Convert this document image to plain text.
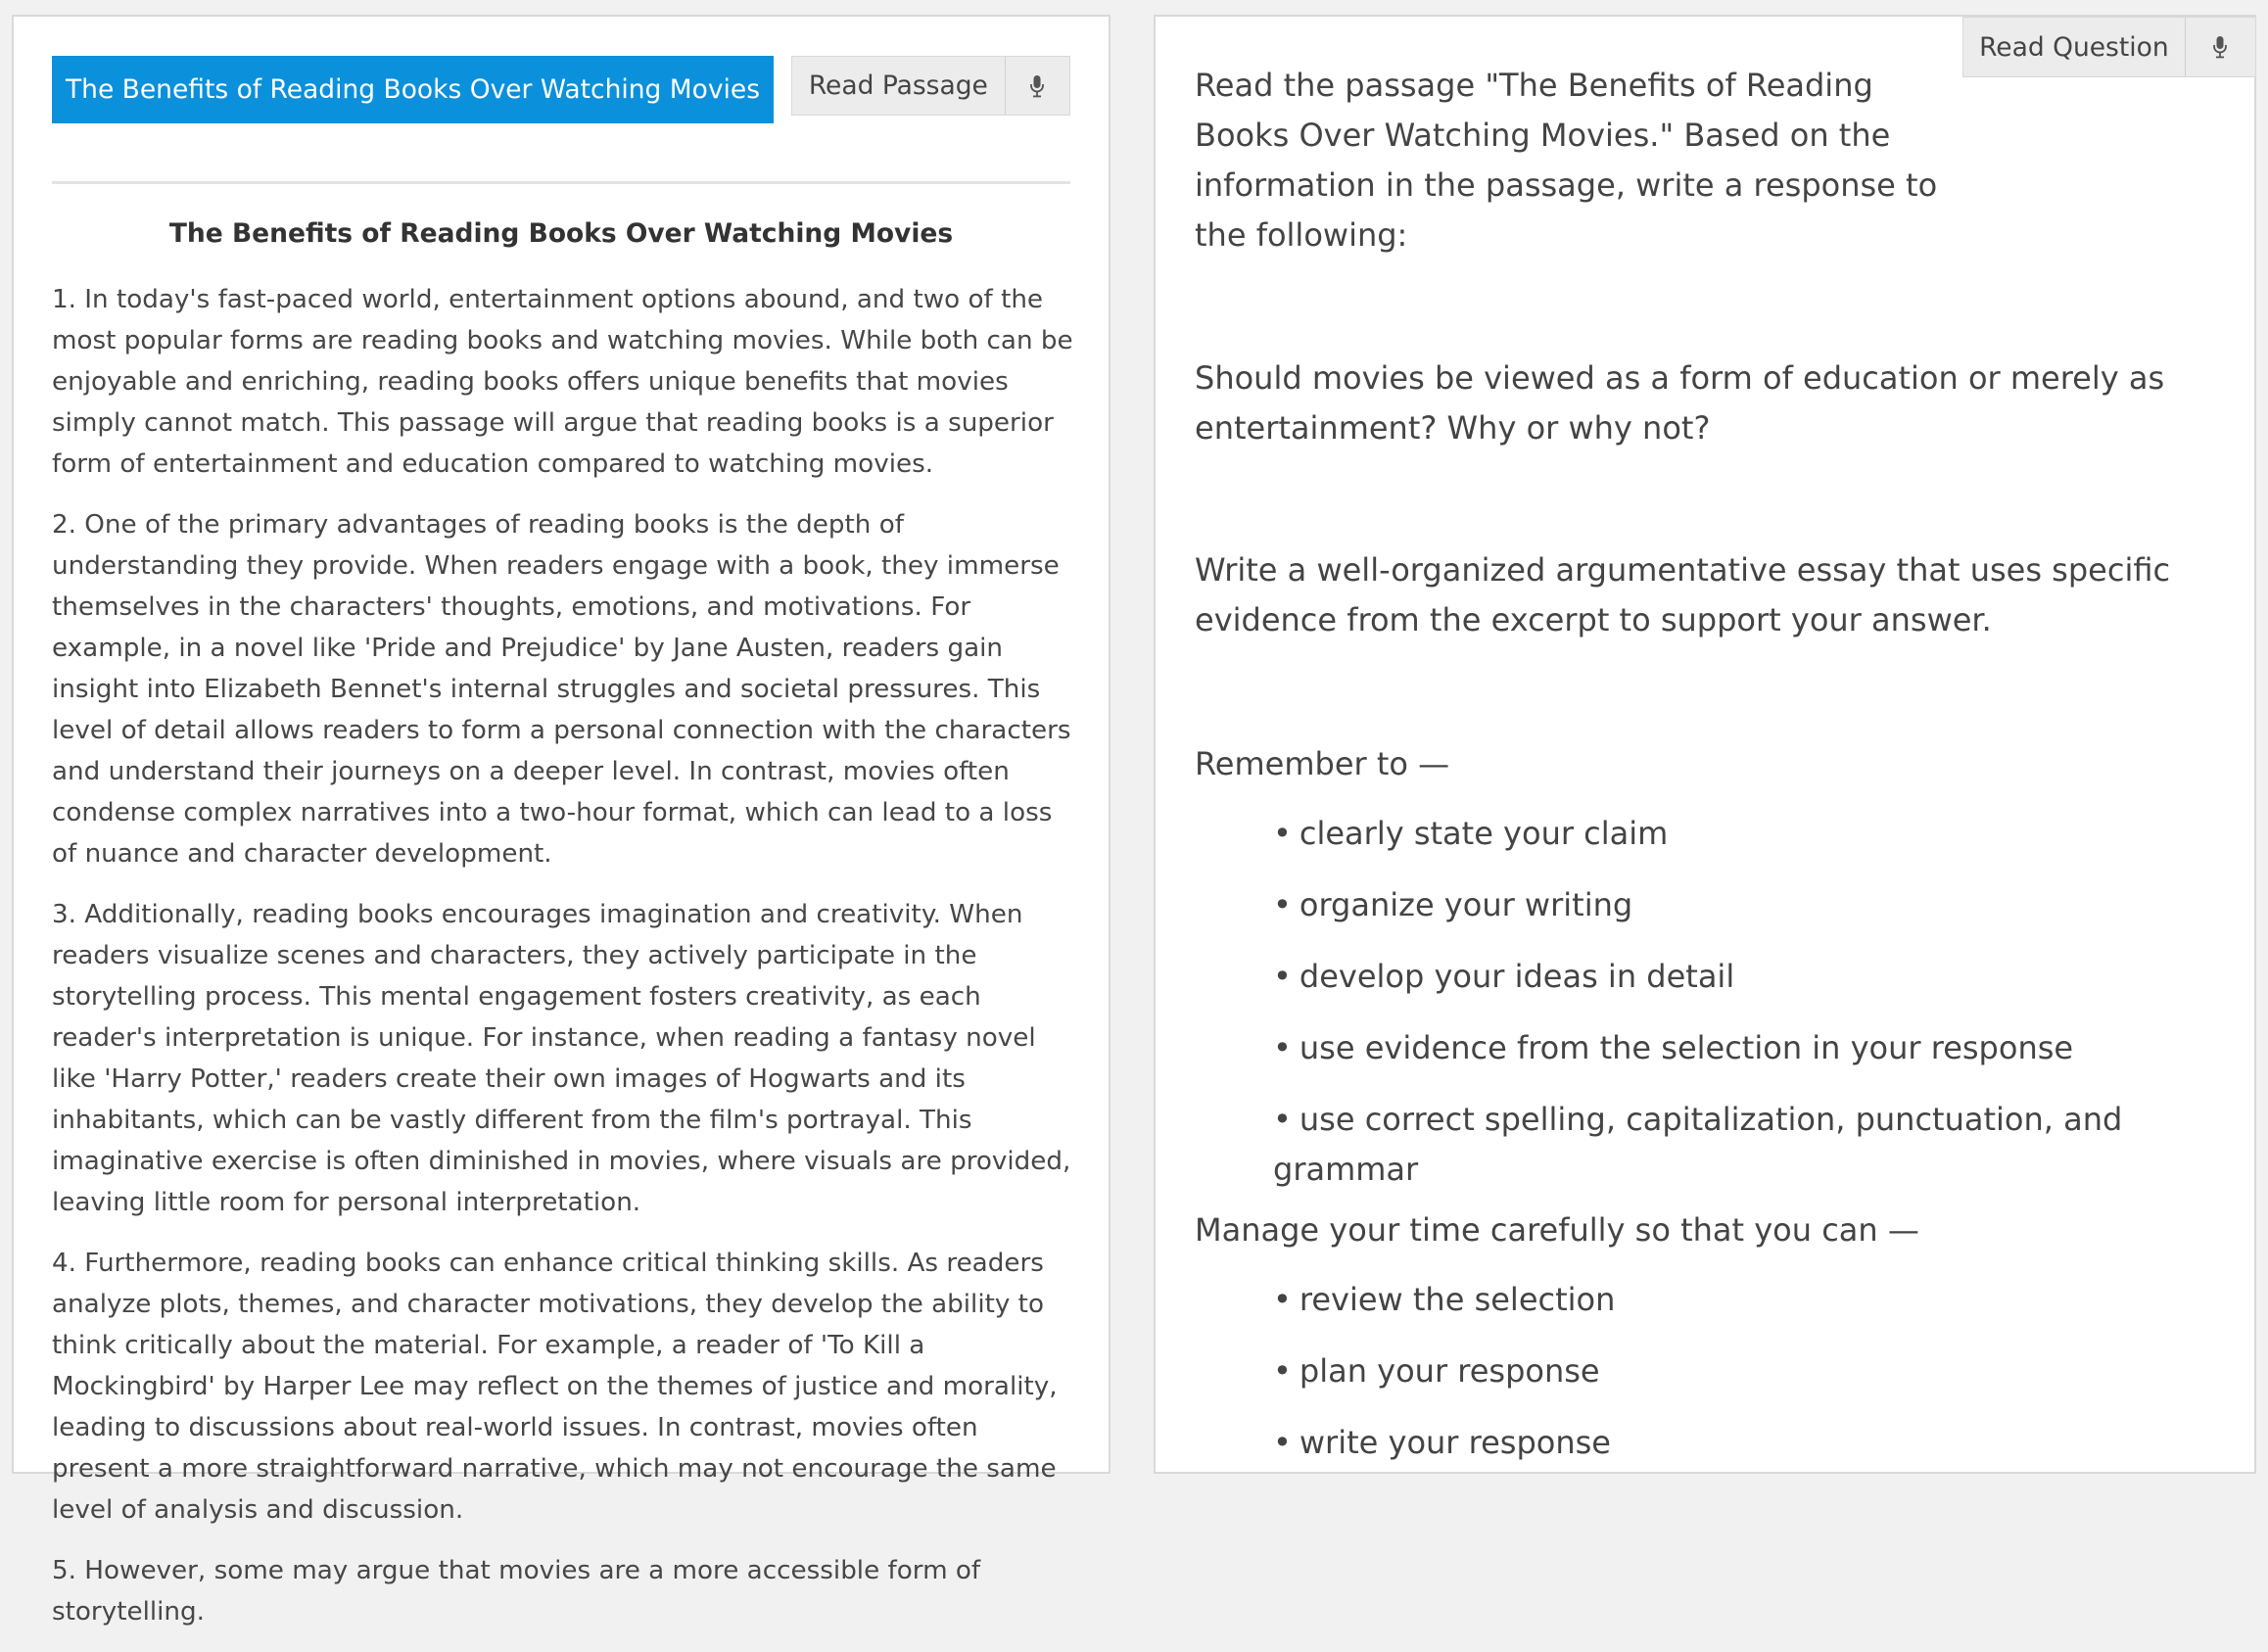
The Benefits of Reading Books Over Watching Movies	Read Passage
The Benefits of Reading Books Over Watching Movies

1. In today's fast-paced world, entertainment options abound, and two of the most popular forms are reading books and watching movies. While both can be enjoyable and enriching, reading books offers unique benefits that movies simply cannot match. This passage will argue that reading books is a superior form of entertainment and education compared to watching movies.

2. One of the primary advantages of reading books is the depth of understanding they provide. When readers engage with a book, they immerse themselves in the characters' thoughts, emotions, and motivations. For example, in a novel like 'Pride and Prejudice' by Jane Austen, readers gain insight into Elizabeth Bennet's internal struggles and societal pressures. This level of detail allows readers to form a personal connection with the characters and understand their journeys on a deeper level. In contrast, movies often condense complex narratives into a two-hour format, which can lead to a loss of nuance and character development.

3. Additionally, reading books encourages imagination and creativity. When readers visualize scenes and characters, they actively participate in the storytelling process. This mental engagement fosters creativity, as each reader's interpretation is unique. For instance, when reading a fantasy novel like 'Harry Potter,' readers create their own images of Hogwarts and its inhabitants, which can be vastly different from the film's portrayal. This imaginative exercise is often diminished in movies, where visuals are provided, leaving little room for personal interpretation.

4. Furthermore, reading books can enhance critical thinking skills. As readers analyze plots, themes, and character motivations, they develop the ability to think critically about the material. For example, a reader of 'To Kill a Mockingbird' by Harper Lee may reflect on the themes of justice and morality, leading to discussions about real-world issues. In contrast, movies often present a more straightforward narrative, which may not encourage the same level of analysis and discussion.

5. However, some may argue that movies are a more accessible form of storytelling.

Read Question

Read the passage "The Benefits of Reading Books Over Watching Movies." Based on the information in the passage, write a response to the following:

Should movies be viewed as a form of education or merely as entertainment? Why or why not?

Write a well-organized argumentative essay that uses specific evidence from the excerpt to support your answer.

Remember to —

• clearly state your claim
• organize your writing
• develop your ideas in detail
• use evidence from the selection in your response
• use correct spelling, capitalization, punctuation, and grammar

Manage your time carefully so that you can —

• review the selection
• plan your response
• write your response
